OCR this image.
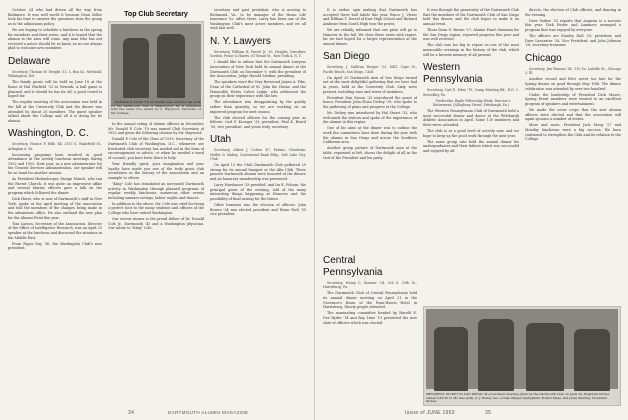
October 24 who had driven all the way from Baltimore. It was well worth it because Dean Zeller took his time to answer the questions from the group as to the admissions policy.

We are hoping to schedule a luncheon in the spring for members and their wives, and it is hoped that the alumni in the area will come. Any man who has not received a notice should let us know, as we are always glad to welcome new members.

Delaware

Secretary, Thomas W. Dwight '33, 1, Box 62, Newbold, Wilmington, Del.

The family picnic will be held on June 18 at the home of Hal Warfield '33 at Newark. A ball game is planned, and it should be fun for all; a good crowd is hoped for.

The regular meeting of the association was held in the fall at the University Club and the dinner was attended by about 25 members. The guest speaker talked about the College and all it is doing for its alumni.

Washington, D. C.

Secretary, Horace P. Hills '44, 3515 S. Wakefield St., Arlington 6, Va.

Increasing programs have resulted in good attendance at the weekly luncheon meetings during 1952 and 1953. Next year, as a new administrator for the General Services Administration, our speaker will be on hand for another session.

As President Hickenlooper, Ensign Munch, who ran the Parent Church, it was quite an impressive affair and several Marine officers gave a talk on the program which followed the dinner.

Dick Hurst, who is now of Dartmouth's staff in New York, spoke at the April meeting of the association and told the members of the changes being made in the admissions office. He also outlined the new plan for the Alumni Fund this year.

Tom Larson, Secretary of the Association, Director of the Office of Intelligence Research, was an April 25 speaker at the luncheon and discussed the situation in the Middle East.

From Paper Day '36, the Washington Club's new president.

Top Club Secretary

DONALD P. COLE '19 for month was cited for his work for the Dartmouth Club of Washington. He is presented with the Lewis Cox Award by C. Haywood, Secretary of the College.

In the annual rating of alumni officers in December, Mr. Donald P. Cole '19 was named Club Secretary of 1952 and given the following citation by Mr. Haywood.

Donald P. Cole of the Class of 1919, Secretary of the Dartmouth Club of Washington, D.C., whenever our frustrated club secretary has needed aid in the form of encouragement or advice, or when he needed a word of counsel, you have been there to help.

Your friendly spirit, your imagination and your loyalty have made you one of the truly great club secretaries in the history of the Association and an example to others.

"King" Cole has stimulated an increased Dartmouth activity in Washington through planned programs of regular weekly luncheons, numerous other events including summer outings, ladies' nights and dances.

In addition to the above, Mr. Cole was cited for being a perfect host to the many students and officers of the College who have visited Washington.

Our recent winner is the proud father of Dr. Donald Cole Jr., Dartmouth '43 and a Washington physician. Our salute to "King" Cole.

secretary and past president, who is moving to Richmond, Va., to be manager of the Home Life Insurance Co. office there. Larry has been one of the Washington Club's most active members, and we all wish him well.

N. Y. Lawyers

Secretary, William H. Farrel Jr. '39, Heights, Dresdner, Gordon, Pease & Hawes, 61 Broad St., New York 4, N. Y.

I should like to advise that the Dartmouth Lawyers Association of New York held its annual dinner at the Dartmouth Club on December 9, with the president of the Association, Judge Harold Medina, presiding.

The speakers were the Very Reverend James A. Pike, Dean of the Cathedral of St. John the Divine, and the Honorable Henry Cabot Lodge, who addressed the group on their experience with the law.

The attendance was disappointing by the quality rather than quantity, so we are working on an improved program for next season.

The club elected officers for the coming year as follows: Carl F. Kroeger '33, president; Paul K. Beard '30, vice president; and yours truly, secretary.

Utah

Secretary, Albert J. Colton '47, Fabian, Clendenin, Moffat & Mabey, Continental Bank Bldg., Salt Lake City, Utah

On April 13 the Utah Dartmouth Club gathered 29 strong for its annual banquet at the Alta Club. Three pioneer Dartmouth alumni were honored at the dinner, and an honorary membership was presented.

Larry Warshauer '28 presided, and Ira E. Folsom, the principal guest of the evening, told of the many interesting things happening at Hanover, and the possibility of fund raising for the future.

Other business was the election of officers. John Bowen '34 was elected president and Dixon Rich '35 vice president.

34	DARTMOUTH ALUMNI MAGAZINE

It is rather spin making that Dartmouth has accepted three ball labels this year. Bruce J. Vizzer and William T. Dorsel of East High School and Richard Ambrose from South High won the prizes.

We are reliably informed that one prize will go to Hanover in the fall. We close these notes with regret, for we had hoped for a larger representation at the annual dinner.

San Diego

Secretary, J. Sullivan Hooper '33, 4411 Cape St., Pacific Beach, San Diego, Calif.

On April 29 Dartmouth men of San Diego turned out at the most delightful gathering that we have had in years, held at the University Club. Sixty were present, including sons and wives of members.

President Dan Sisson '25 introduced the guest of honor, President John Sloan Dickey '29, who spoke to the gathering of plans and progress at the College.

Mr. Dickey was introduced by Hal Stuart '33, who welcomed the visitors and spoke of the importance of the alumni in this region.

One of his aims at the dinner was to outline the work the committees have done during the year with the alumni in San Diego and across the Southern California area.

Another group picture of Dartmouth men at the table, reprinted at left, shows the delight of all in the visit of the President and his party.

It was through the generosity of the Dartmouth Club that the members of the Dartmouth Club of San Diego held this dinner, and the club hopes to make it an annual event.

Those Dean G. Brown '27, Alumni Fund chairman for the San Diego region, reported progress this year and was well received.

The club was too big to report on one of the most memorable evenings in the history of the club, which will be a favorite memory of all present.

Western Pennsylvania

Secretary, Carl E. Foley '19, Camp Meeting Rd., R.D. 1, Sewickley, Pa.

Fredericks, Bugle Fellowship Week, Director's Retirement, (Allegheny Street, Pittsburgh, Pa.)

The Western Pennsylvania Club of Dartmouth held a most successful dinner and dance at the Pittsburgh Athletic Association in April. Some 120 members and their wives attended.

The club is at a good level of activity now, and we hope to keep up the good work through the next year.

The same group also held the annual dinner for undergraduates and their fathers which was successful and enjoyed by all.

Central Pennsylvania

Secretary, Henry C. Roemer '24, 526 S. 29th St., Harrisburg, Pa.

The Dartmouth Club of Central Pennsylvania held its annual dinner meeting on April 21 in the Governor's Room of the Penn-Harris Hotel in Harrisburg. Ninety people attended.

The nominating committee headed by Harold E. Dee Ryder '14 and Ray Lime '15 presented the new slate of officers which was elected.

directs, the election of Club officers, and dancing in the evening.

Dave Parker '25 reports that Augusta is a success this year. Dick Foster and Lammers arranged a program that was enjoyed by everyone.

The officers are Stanley Hall '29, president; and Dave Lancaster '28, Vice President; and John Johnson '28, secretary-treasurer.

Chicago

Secretary, Jim Wanous '40, 135 So. LaSalle St., Chicago 3, Ill.

Another record and life's never too late for the Spring dinner on good through May 10th. The dinner celebration was attended by over two hundred.

Under the leadership of President Dick Moore, Spring Event members were treated to an excellent program of speakers and entertainment.

We made the cover crops that the new alumni officers were elected and that the association will again sponsor a number of events.

More and more, President Jack Moog '27 and Monday luncheons were a big success. We have continued to strengthen the Club and its relation to the College.

PRESIDENT DICKEY IN SAN DIEGO: At a luncheon meeting given by the Dartmouth Club on April 29, President Dickey visited with W. D. Mc Gee (left), A. J. Roney, Sec. of San Miguel Springfield, Robert Mass, and Jesse Sterling, President Dickey.

Issue of JUNE 1953	35
